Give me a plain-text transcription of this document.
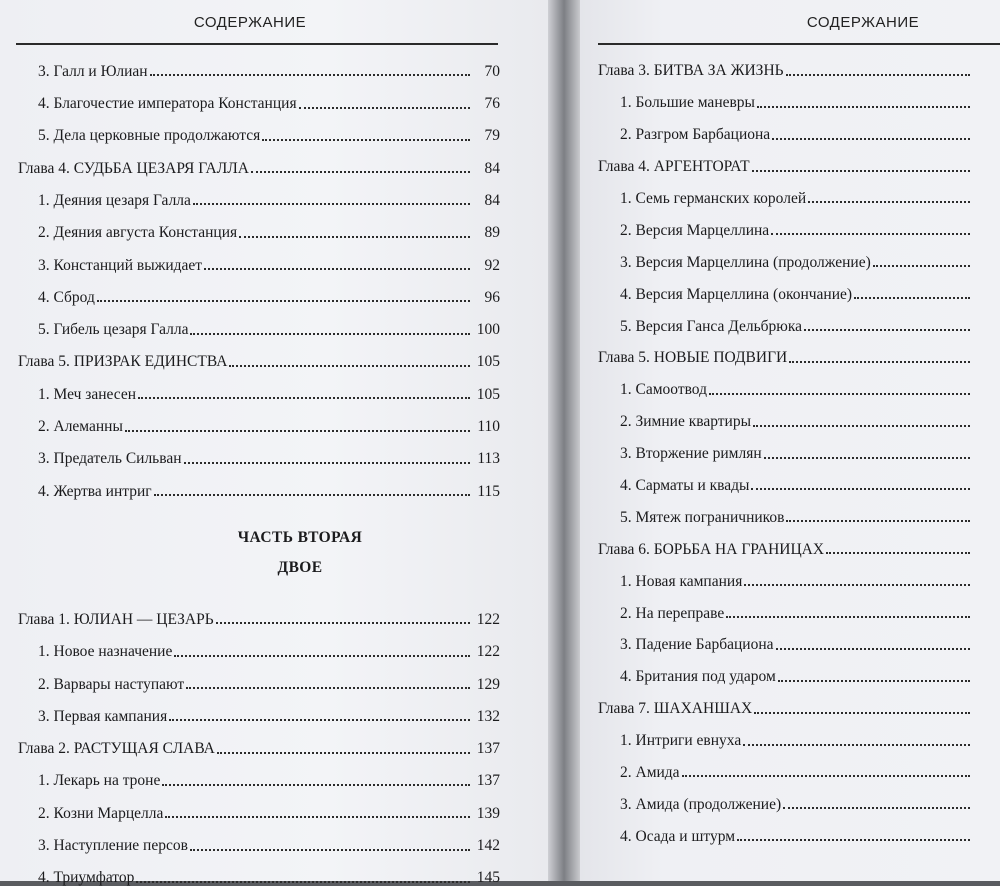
СОДЕРЖАНИЕ
3. Галл и Юлиан	70
4. Благочестие императора Констанция	76
5. Дела церковные продолжаются	79
Глава 4. СУДЬБА ЦЕЗАРЯ ГАЛЛА	84
1. Деяния цезаря Галла	84
2. Деяния августа Констанция	89
3. Констанций выжидает	92
4. Сброд	96
5. Гибель цезаря Галла	100
Глава 5. ПРИЗРАК ЕДИНСТВА	105
1. Меч занесен	105
2. Алеманны	110
3. Предатель Сильван	113
4. Жертва интриг	115
ЧАСТЬ ВТОРАЯ
ДВОЕ
Глава 1. ЮЛИАН — ЦЕЗАРЬ	122
1. Новое назначение	122
2. Варвары наступают	129
3. Первая кампания	132
Глава 2. РАСТУЩАЯ СЛАВА	137
1. Лекарь на троне	137
2. Козни Марцелла	139
3. Наступление персов	142
4. Триумфатор	145
СОДЕРЖАНИЕ
Глава 3. БИТВА ЗА ЖИЗНЬ
1. Большие маневры
2. Разгром Барбациона
Глава 4. АРГЕНТОРАТ
1. Семь германских королей
2. Версия Марцеллина
3. Версия Марцеллина (продолжение)
4. Версия Марцеллина (окончание)
5. Версия Ганса Дельбрюка
Глава 5. НОВЫЕ ПОДВИГИ
1. Самоотвод
2. Зимние квартиры
3. Вторжение римлян
4. Сарматы и квады
5. Мятеж пограничников
Глава 6. БОРЬБА НА ГРАНИЦАХ
1. Новая кампания
2. На переправе
3. Падение Барбациона
4. Британия под ударом
Глава 7. ШАХАНШАХ
1. Интриги евнуха
2. Амида
3. Амида (продолжение)
4. Осада и штурм
